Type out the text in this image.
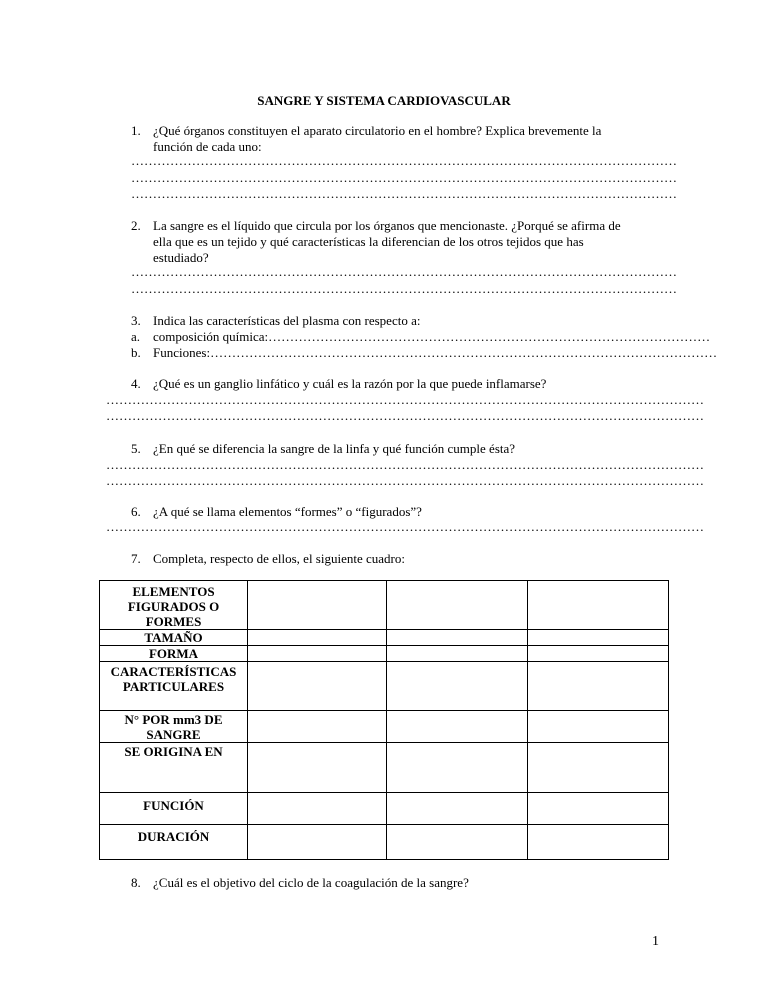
SANGRE Y SISTEMA CARDIOVASCULAR
1. ¿Qué órganos constituyen el aparato circulatorio en el hombre? Explica brevemente la
función de cada uno:
………………………………………………………………………………………………………………
………………………………………………………………………………………………………………
………………………………………………………………………………………………………………
2. La sangre es el líquido que circula por los órganos que mencionaste. ¿Porqué se afirma de
ella que es un tejido y qué características la diferencian de los otros tejidos que has
estudiado?
………………………………………………………………………………………………………………
………………………………………………………………………………………………………………
3. Indica las características del plasma con respecto a:
a. composición química:…………………………………………………………………………………………
b. Funciones:………………………………………………………………………………………………………
4. ¿Qué es un ganglio linfático y cuál es la razón por la que puede inflamarse?
…………………………………………………………………………………………………………………………
…………………………………………………………………………………………………………………………
5. ¿En qué se diferencia la sangre de la linfa y qué función cumple ésta?
…………………………………………………………………………………………………………………………
…………………………………………………………………………………………………………………………
6. ¿A qué se llama elementos “formes” o “figurados”?
…………………………………………………………………………………………………………………………
7. Completa, respecto de ellos, el siguiente cuadro:
ELEMENTOS FIGURADOS O FORMES			
TAMAÑO			
FORMA			
CARACTERÍSTICAS PARTICULARES			
N° POR mm3 DE SANGRE			
SE ORIGINA EN			
FUNCIÓN			
DURACIÓN			
8. ¿Cuál es el objetivo del ciclo de la coagulación de la sangre?
1
